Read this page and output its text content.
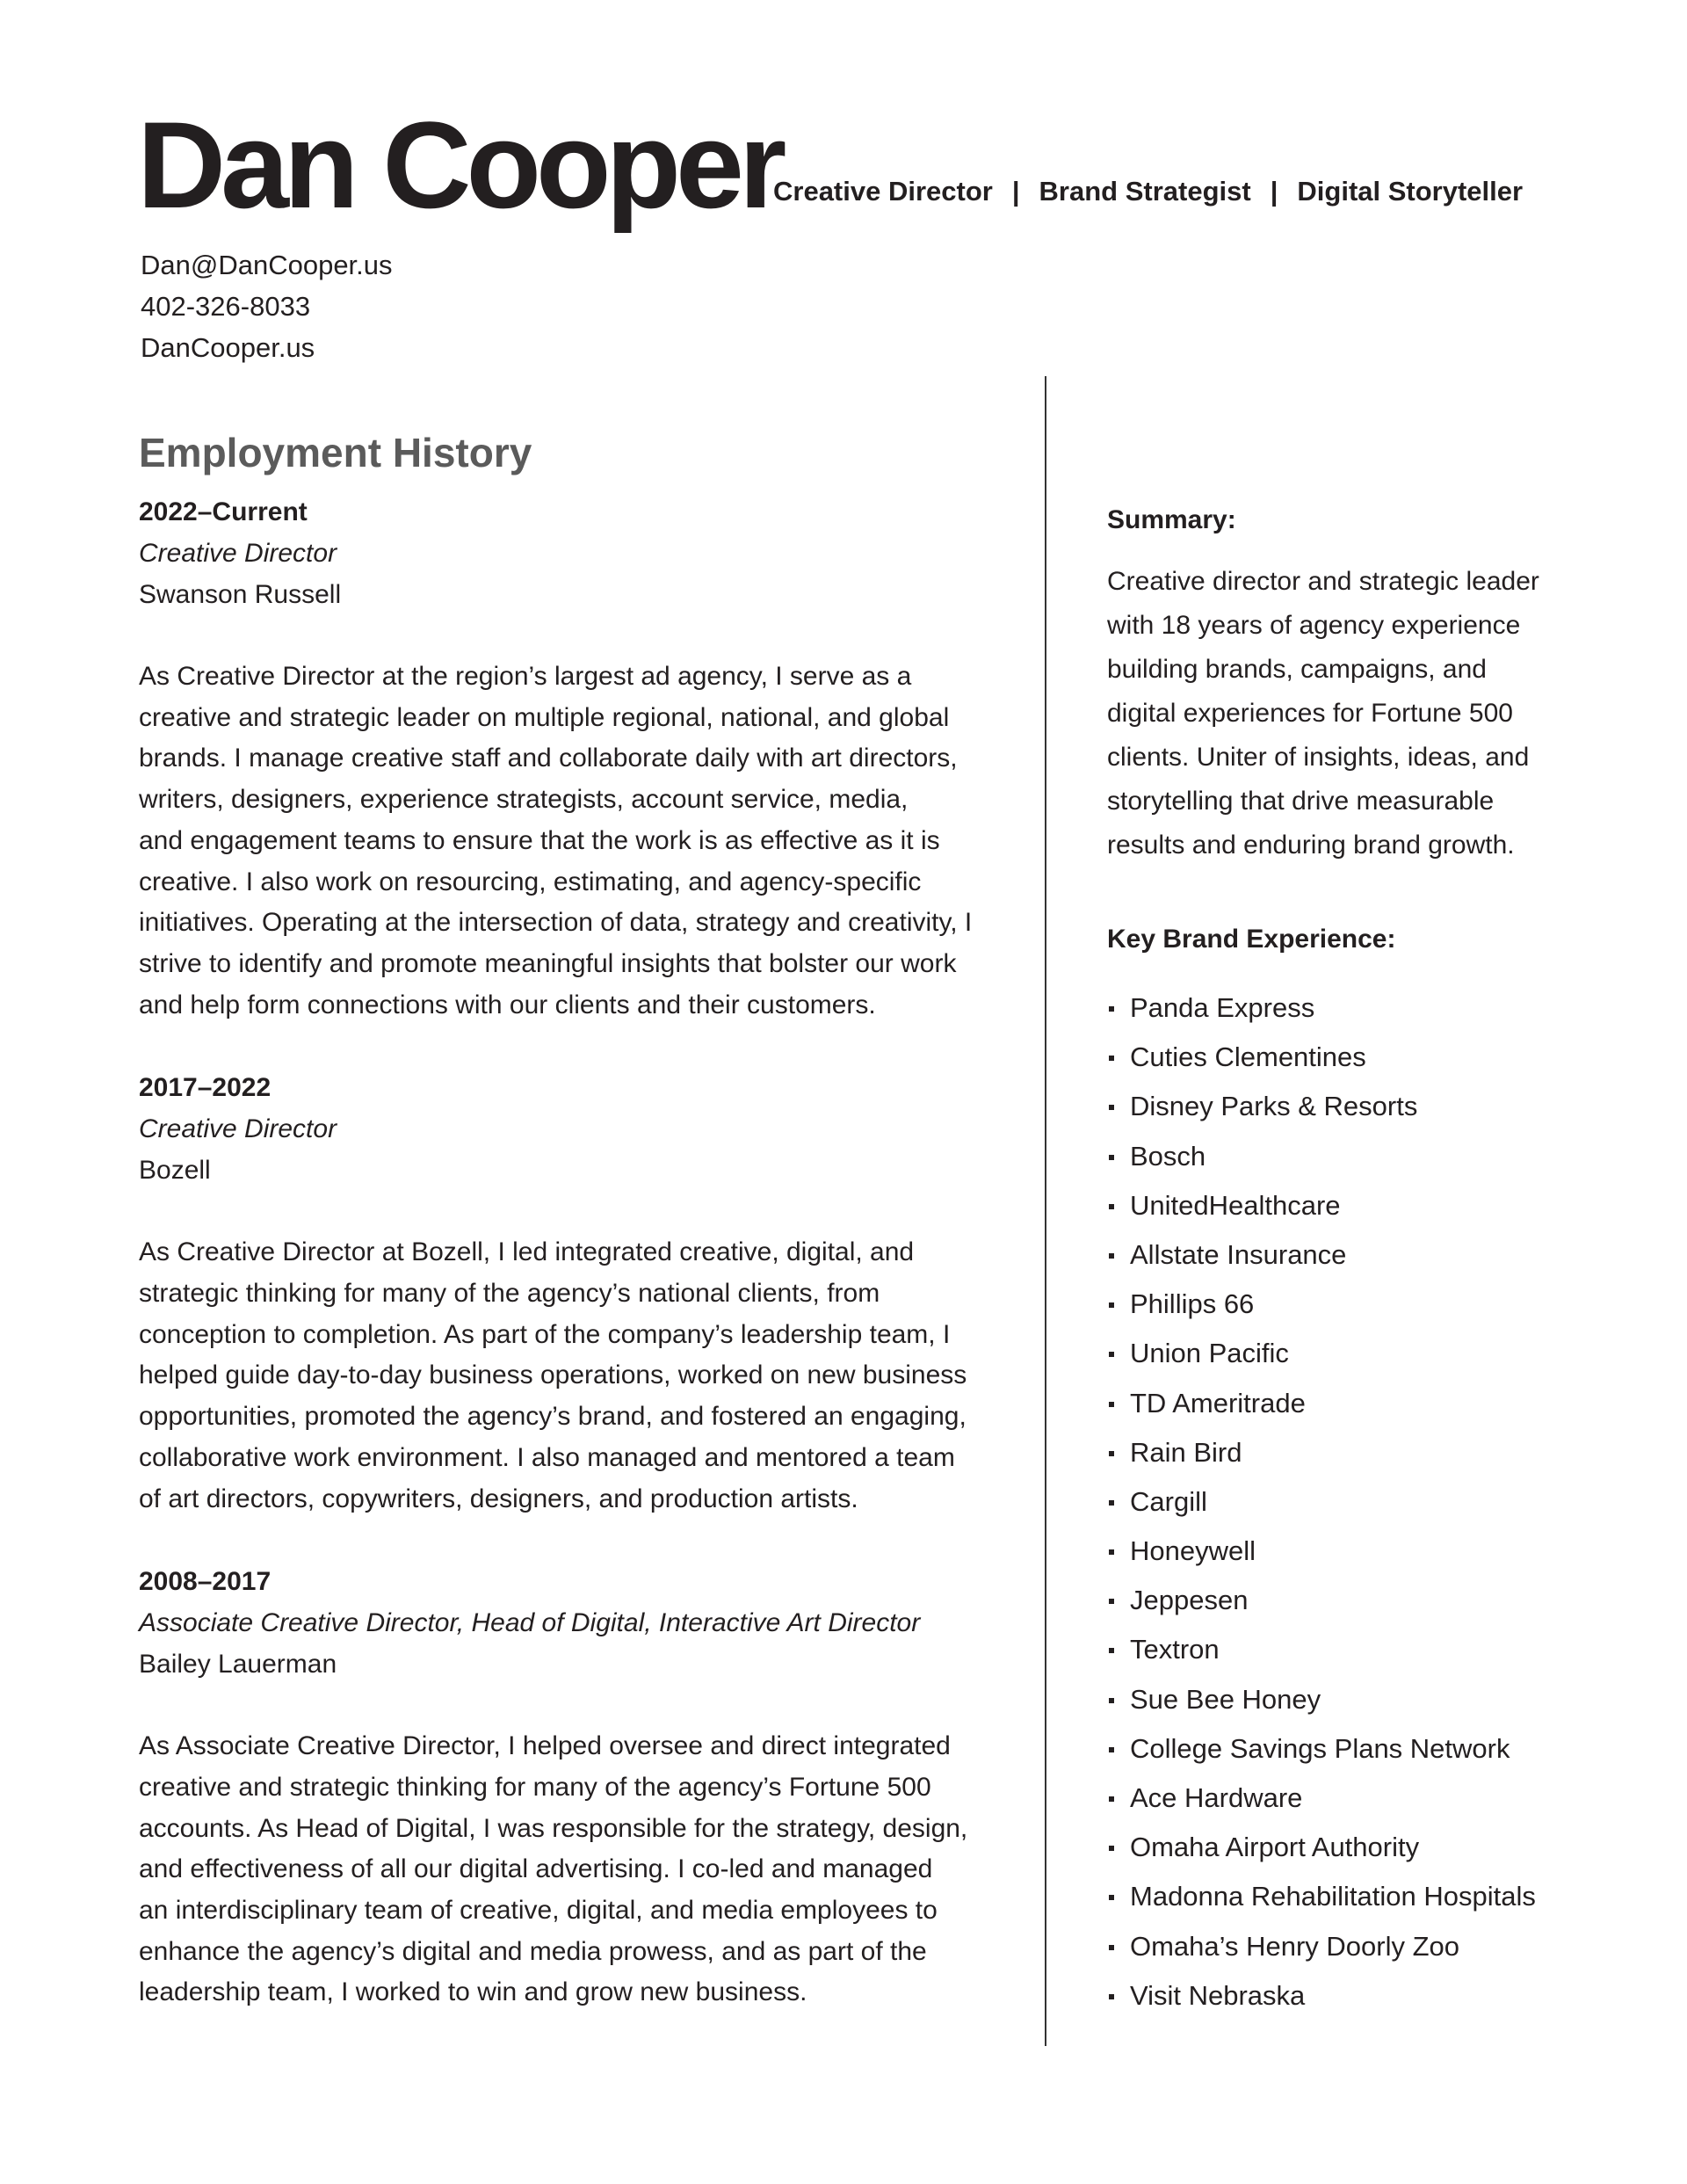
Dan Cooper
Creative Director | Brand Strategist | Digital Storyteller
Dan@DanCooper.us
402-326-8033
DanCooper.us
Employment History
2022–Current
Creative Director
Swanson Russell
As Creative Director at the region’s largest ad agency, I serve as a
creative and strategic leader on multiple regional, national, and global
brands. I manage creative staff and collaborate daily with art directors,
writers, designers, experience strategists, account service, media,
and engagement teams to ensure that the work is as effective as it is
creative. I also work on resourcing, estimating, and agency-specific
initiatives. Operating at the intersection of data, strategy and creativity, I
strive to identify and promote meaningful insights that bolster our work
and help form connections with our clients and their customers.
2017–2022
Creative Director
Bozell
As Creative Director at Bozell, I led integrated creative, digital, and
strategic thinking for many of the agency’s national clients, from
conception to completion. As part of the company’s leadership team, I
helped guide day-to-day business operations, worked on new business
opportunities, promoted the agency’s brand, and fostered an engaging,
collaborative work environment. I also managed and mentored a team
of art directors, copywriters, designers, and production artists.
2008–2017
Associate Creative Director, Head of Digital, Interactive Art Director
Bailey Lauerman
As Associate Creative Director, I helped oversee and direct integrated
creative and strategic thinking for many of the agency’s Fortune 500
accounts. As Head of Digital, I was responsible for the strategy, design,
and effectiveness of all our digital advertising. I co-led and managed
an interdisciplinary team of creative, digital, and media employees to
enhance the agency’s digital and media prowess, and as part of the
leadership team, I worked to win and grow new business.
Summary:
Creative director and strategic leader
with 18 years of agency experience
building brands, campaigns, and
digital experiences for Fortune 500
clients. Uniter of insights, ideas, and
storytelling that drive measurable
results and enduring brand growth.
Key Brand Experience:
Panda Express
Cuties Clementines
Disney Parks & Resorts
Bosch
UnitedHealthcare
Allstate Insurance
Phillips 66
Union Pacific
TD Ameritrade
Rain Bird
Cargill
Honeywell
Jeppesen
Textron
Sue Bee Honey
College Savings Plans Network
Ace Hardware
Omaha Airport Authority
Madonna Rehabilitation Hospitals
Omaha’s Henry Doorly Zoo
Visit Nebraska
